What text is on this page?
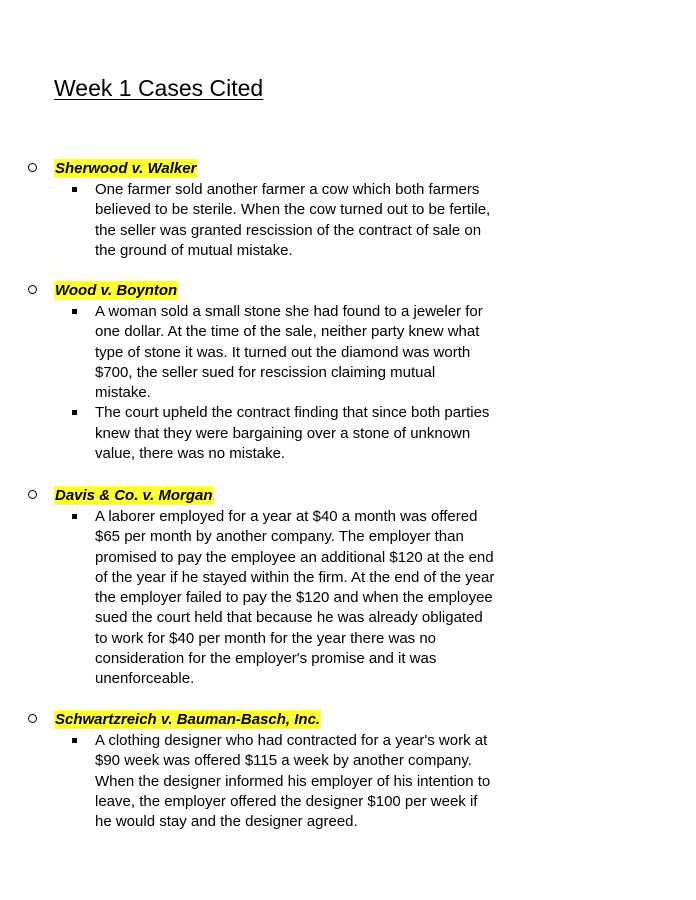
Week 1 Cases Cited
Sherwood v. Walker
One farmer sold another farmer a cow which both farmers believed to be sterile. When the cow turned out to be fertile, the seller was granted rescission of the contract of sale on the ground of mutual mistake.
Wood v. Boynton
A woman sold a small stone she had found to a jeweler for one dollar. At the time of the sale, neither party knew what type of stone it was. It turned out the diamond was worth $700, the seller sued for rescission claiming mutual mistake.
The court upheld the contract finding that since both parties knew that they were bargaining over a stone of unknown value, there was no mistake.
Davis & Co. v. Morgan
A laborer employed for a year at $40 a month was offered $65 per month by another company. The employer than promised to pay the employee an additional $120 at the end of the year if he stayed within the firm. At the end of the year the employer failed to pay the $120 and when the employee sued the court held that because he was already obligated to work for $40 per month for the year there was no consideration for the employer's promise and it was unenforceable.
Schwartzreich v. Bauman-Basch, Inc.
A clothing designer who had contracted for a year's work at $90 week was offered $115 a week by another company. When the designer informed his employer of his intention to leave, the employer offered the designer $100 per week if he would stay and the designer agreed.
